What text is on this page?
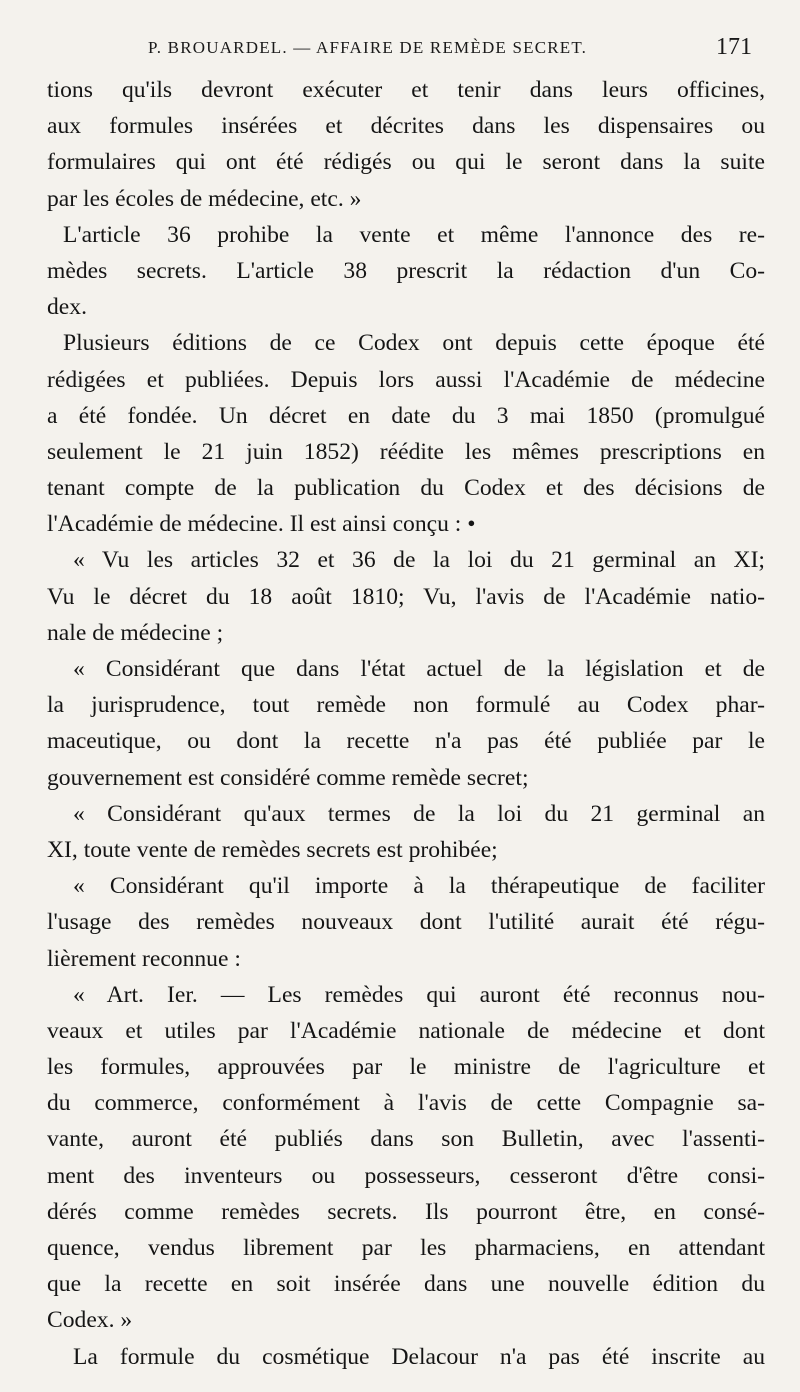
P. BROUARDEL. — AFFAIRE DE REMÈDE SECRET.	171
tions qu'ils devront exécuter et tenir dans leurs officines,
aux formules insérées et décrites dans les dispensaires ou
formulaires qui ont été rédigés ou qui le seront dans la suite
par les écoles de médecine, etc. »
L'article 36 prohibe la vente et même l'annonce des re-
mèdes secrets. L'article 38 prescrit la rédaction d'un Co-
dex.
Plusieurs éditions de ce Codex ont depuis cette époque été
rédigées et publiées. Depuis lors aussi l'Académie de médecine
a été fondée. Un décret en date du 3 mai 1850 (promulgué
seulement le 21 juin 1852) réédite les mêmes prescriptions en
tenant compte de la publication du Codex et des décisions de
l'Académie de médecine. Il est ainsi conçu : •
« Vu les articles 32 et 36 de la loi du 21 germinal an XI;
Vu le décret du 18 août 1810; Vu, l'avis de l'Académie natio-
nale de médecine ;
« Considérant que dans l'état actuel de la législation et de
la jurisprudence, tout remède non formulé au Codex phar-
maceutique, ou dont la recette n'a pas été publiée par le
gouvernement est considéré comme remède secret;
« Considérant qu'aux termes de la loi du 21 germinal an
XI, toute vente de remèdes secrets est prohibée;
« Considérant qu'il importe à la thérapeutique de faciliter
l'usage des remèdes nouveaux dont l'utilité aurait été régu-
lièrement reconnue :
« Art. Ier. — Les remèdes qui auront été reconnus nou-
veaux et utiles par l'Académie nationale de médecine et dont
les formules, approuvées par le ministre de l'agriculture et
du commerce, conformément à l'avis de cette Compagnie sa-
vante, auront été publiés dans son Bulletin, avec l'assenti-
ment des inventeurs ou possesseurs, cesseront d'être consi-
dérés comme remèdes secrets. Ils pourront être, en consé-
quence, vendus librement par les pharmaciens, en attendant
que la recette en soit insérée dans une nouvelle édition du
Codex. »
La formule du cosmétique Delacour n'a pas été inscrite au
